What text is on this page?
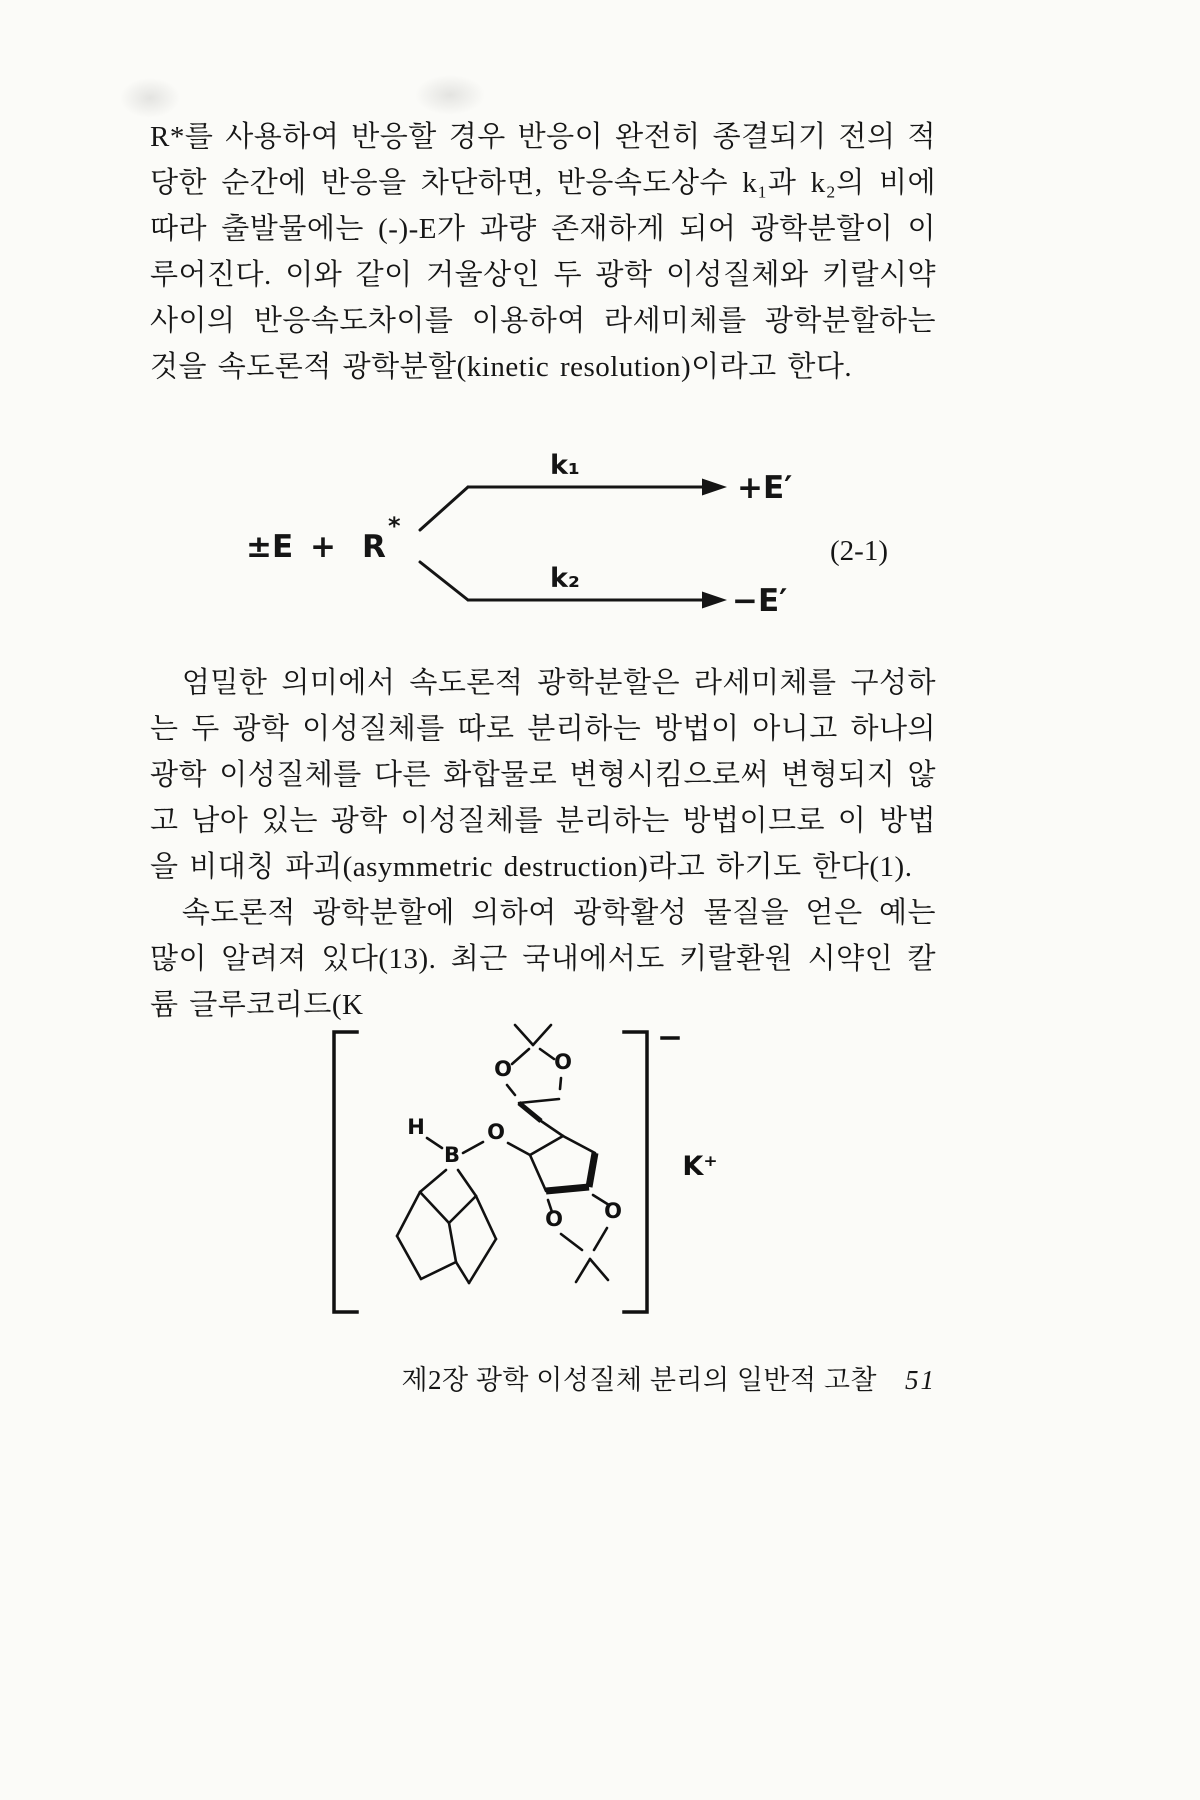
R*를 사용하여 반응할 경우 반응이 완전히 종결되기 전의 적당한 순간에 반응을 차단하면, 반응속도상수 k₁과 k₂의 비에 따라 출발물에는 (-)-E가 과량 존재하게 되어 광학분할이 이루어진다. 이와 같이 거울상인 두 광학 이성질체와 키랄시약 사이의 반응속도차이를 이용하여 라세미체를 광학분할하는 것을 속도론적 광학분할(kinetic resolution)이라고 한다.

±E + R
*
k₁
k₂
+E′
−E′
(2-1)

엄밀한 의미에서 속도론적 광학분할은 라세미체를 구성하는 두 광학 이성질체를 따로 분리하는 방법이 아니고 하나의 광학 이성질체를 다른 화합물로 변형시킴으로써 변형되지 않고 남아 있는 광학 이성질체를 분리하는 방법이므로 이 방법을 비대칭 파괴(asymmetric destruction)라고 하기도 한다(1).

속도론적 광학분할에 의하여 광학활성 물질을 얻은 예는 많이 알려져 있다(13). 최근 국내에서도 키랄환원 시약인 칼륨 글루코리드(K

H
B
O
O O
O O
K⁺
제2장 광학 이성질체 분리의 일반적 고찰 51
